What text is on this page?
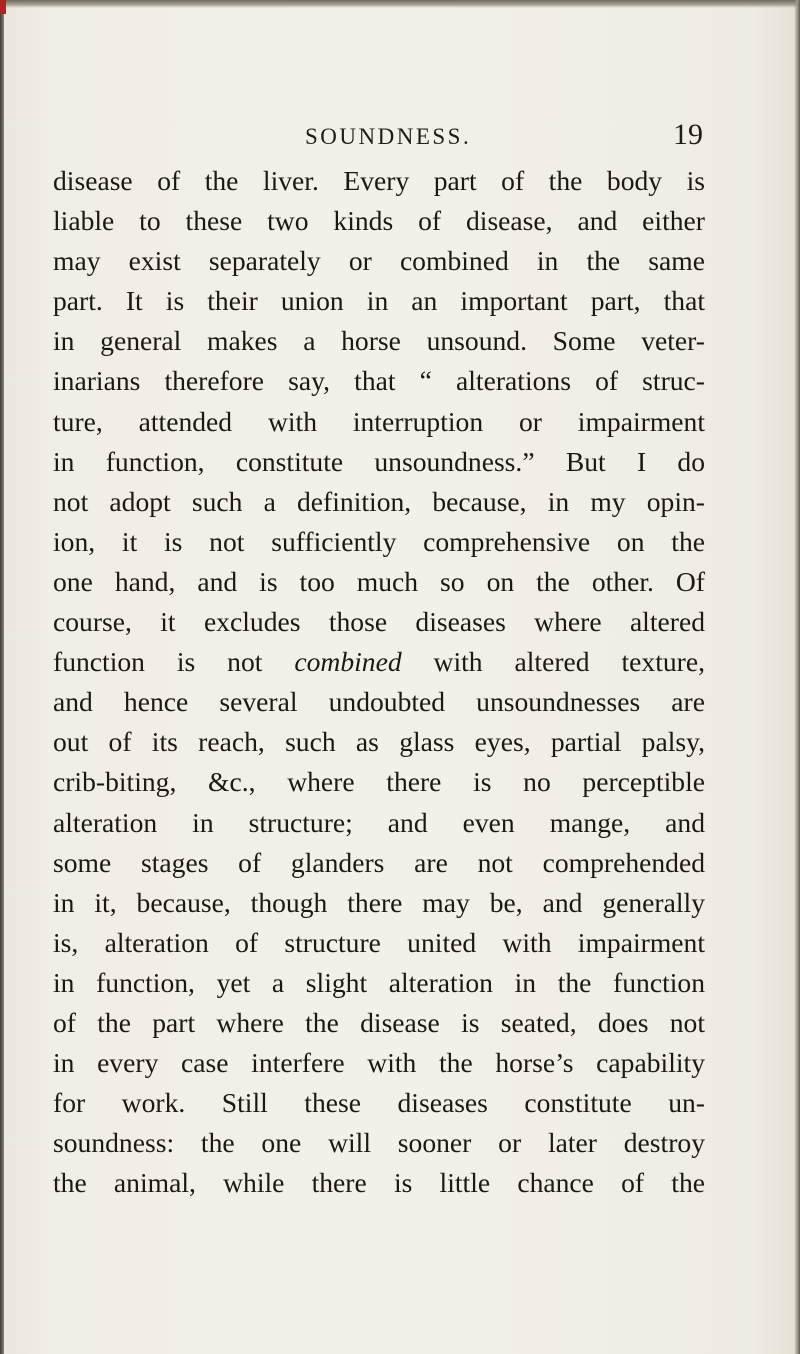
SOUNDNESS.	19
disease of the liver. Every part of the body is
liable to these two kinds of disease, and either
may exist separately or combined in the same
part. It is their union in an important part, that
in general makes a horse unsound. Some veter-
inarians therefore say, that “ alterations of struc-
ture, attended with interruption or impairment
in function, constitute unsoundness.” But I do
not adopt such a definition, because, in my opin-
ion, it is not sufficiently comprehensive on the
one hand, and is too much so on the other. Of
course, it excludes those diseases where altered
function is not combined with altered texture,
and hence several undoubted unsoundnesses are
out of its reach, such as glass eyes, partial palsy,
crib-biting, &c., where there is no perceptible
alteration in structure; and even mange, and
some stages of glanders are not comprehended
in it, because, though there may be, and generally
is, alteration of structure united with impairment
in function, yet a slight alteration in the function
of the part where the disease is seated, does not
in every case interfere with the horse’s capability
for work. Still these diseases constitute un-
soundness: the one will sooner or later destroy
the animal, while there is little chance of the
